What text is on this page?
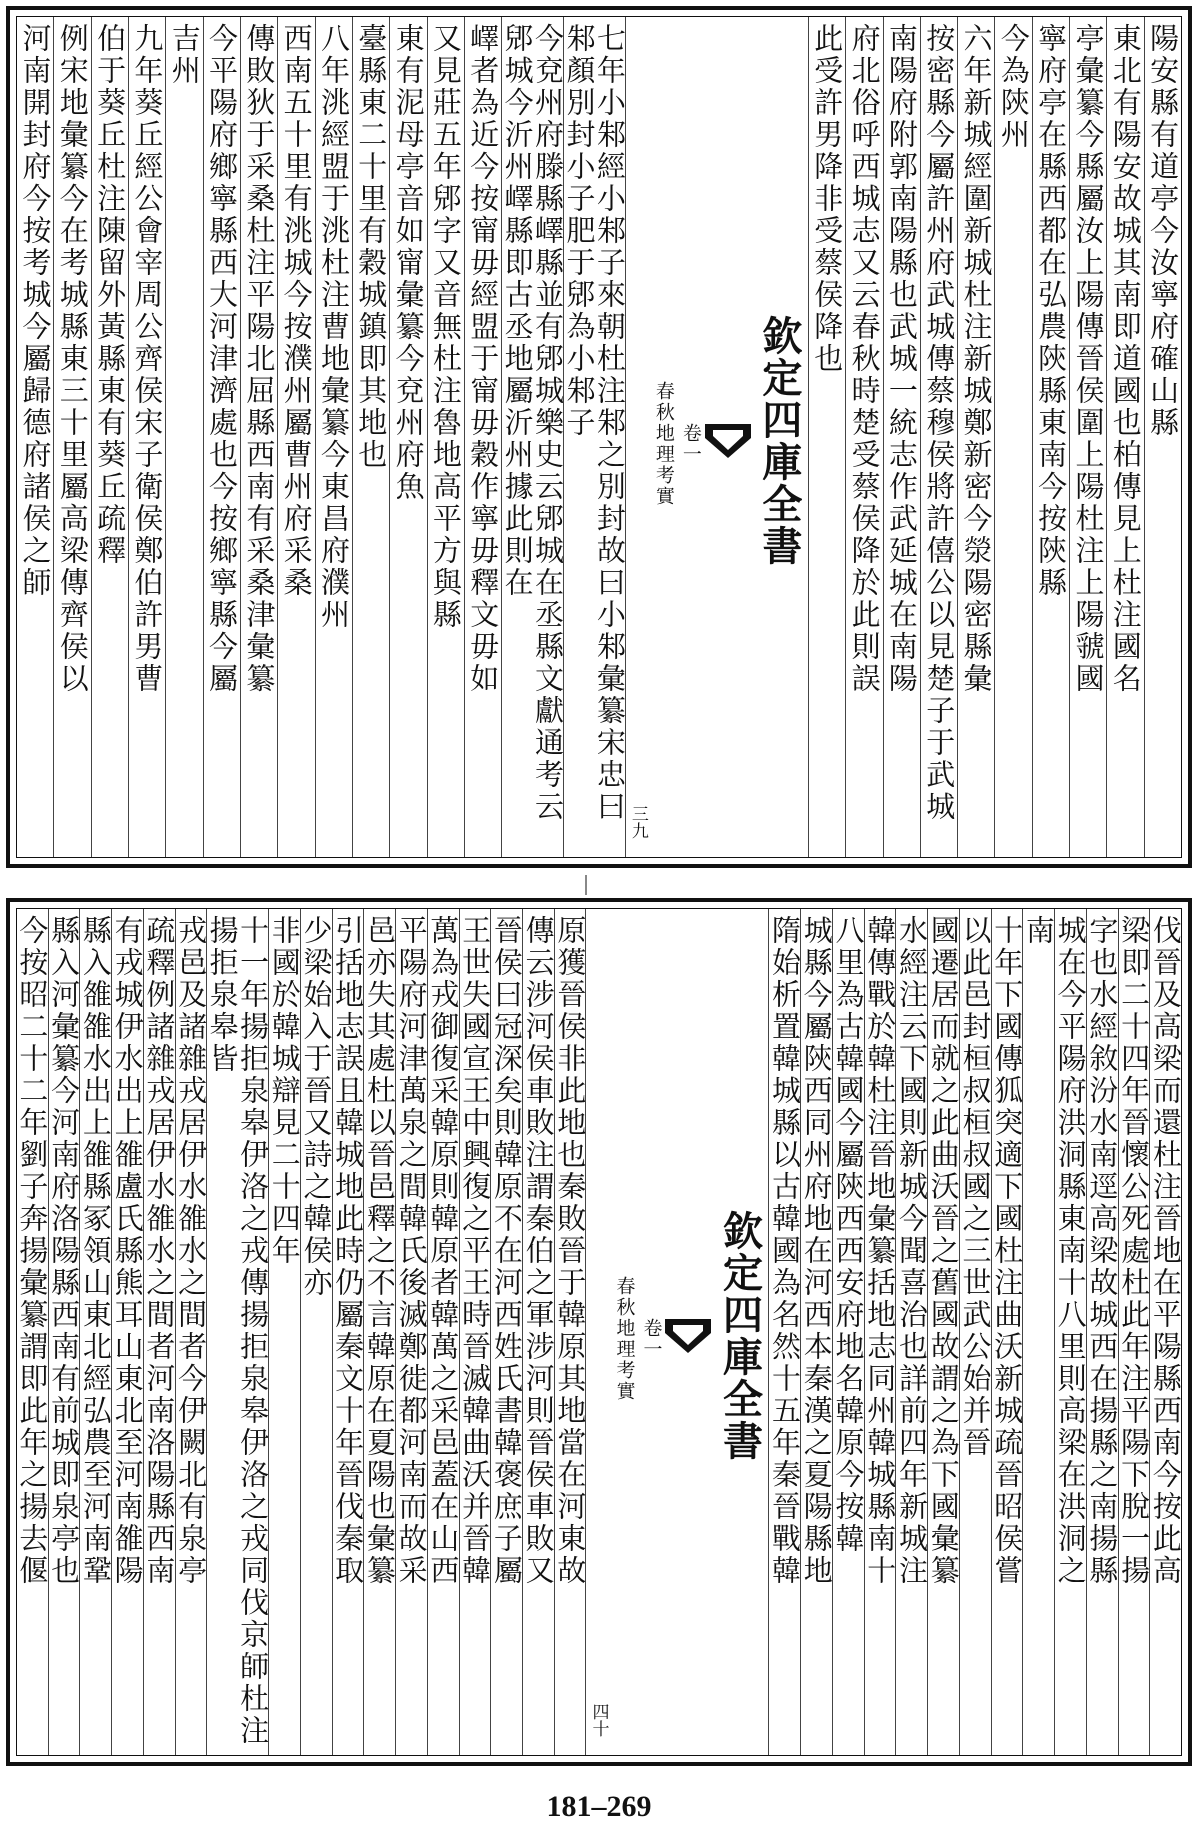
陽安縣有道亭今汝寧府確山縣
東北有陽安故城其南即道國也柏傳見上杜注國名
亭彙纂今縣屬汝上陽傳晉侯圍上陽杜注上陽虢國
寧府亭在縣西都在弘農陝縣東南今按陝縣
今為陝州
六年新城經圍新城杜注新城鄭新密今滎陽密縣彙
按密縣今屬許州府武城傳蔡穆侯將許僖公以見楚子于武城
南陽府附郭南陽縣也武城一統志作武延城在南陽
府北俗呼西城志又云春秋時楚受蔡侯降於此則誤
此受許男降非受蔡侯降也
欽定四庫全書
卷一
春秋地理考實
三九
七年小邾經小邾子來朝杜注邾之別封故曰小邾彙纂宋忠曰邾顏別封小子肥于郳為小邾子
今兗州府滕縣嶧縣並有郳城樂史云郳城在丞縣文獻通考云郳城今沂州嶧縣即古丞地屬沂州據此則在
嶧者為近今按甯毋經盟于甯毋穀作寧毋釋文毋如
又見莊五年郳字又音無杜注魯地高平方與縣
東有泥母亭音如甯彙纂今兗州府魚
臺縣東二十里有穀城鎮即其地也
八年洮經盟于洮杜注曹地彙纂今東昌府濮州
西南五十里有洮城今按濮州屬曹州府采桑
傳敗狄于采桑杜注平陽北屈縣西南有采桑津彙纂
今平陽府鄉寧縣西大河津濟處也今按鄉寧縣今屬
吉州
九年葵丘經公會宰周公齊侯宋子衛侯鄭伯許男曹
伯于葵丘杜注陳留外黃縣東有葵丘疏釋
例宋地彙纂今在考城縣東三十里屬高梁傳齊侯以
河南開封府今按考城今屬歸德府諸侯之師
伐晉及高梁而還杜注晉地在平陽縣西南今按此高
梁即二十四年晉懷公死處杜此年注平陽下脫一揚
字也水經敘汾水南逕高梁故城西在揚縣之南揚縣
城在今平陽府洪洞縣東南十八里則高梁在洪洞之
南
十年下國傳狐突適下國杜注曲沃新城疏晉昭侯嘗
以此邑封桓叔桓叔國之三世武公始并晉
國遷居而就之此曲沃晉之舊國故謂之為下國彙纂
水經注云下國則新城今聞喜治也詳前四年新城注
韓傳戰於韓杜注晉地彙纂括地志同州韓城縣南十
八里為古韓國今屬陝西西安府地名韓原今按韓
城縣今屬陝西同州府地在河西本秦漢之夏陽縣地
隋始析置韓城縣以古韓國為名然十五年秦晉戰韓
欽定四庫全書
卷一
春秋地理考實
四十
原獲晉侯非此地也秦敗晉于韓原其地當在河東故
傳云涉河侯車敗注謂秦伯之軍涉河則晉侯車敗又
晉侯曰冠深矣則韓原不在河西姓氏書韓褒庶子屬
王世失國宣王中興復之平王時晉滅韓曲沃并晉韓
萬為戎御復采韓原則韓原者韓萬之采邑蓋在山西
平陽府河津萬泉之間韓氏後滅鄭徙都河南而故采
邑亦失其處杜以晉邑釋之不言韓原在夏陽也彙纂
引括地志誤且韓城地此時仍屬秦文十年晉伐秦取
少梁始入于晉又詩之韓侯亦
非國於韓城辯見二十四年
十一年揚拒泉皋伊洛之戎傳揚拒泉皋伊洛之戎同伐京師杜注揚拒泉皋皆
戎邑及諸雜戎居伊水雒水之間者今伊闕北有泉亭
疏釋例諸雜戎居伊水雒水之間者河南洛陽縣西南
有戎城伊水出上雒盧氏縣熊耳山東北至河南雒陽
縣入雒雒水出上雒縣冢領山東北經弘農至河南鞏
縣入河彙纂今河南府洛陽縣西南有前城即泉亭也
今按昭二十二年劉子奔揚彙纂謂即此年之揚去偃
181–269
